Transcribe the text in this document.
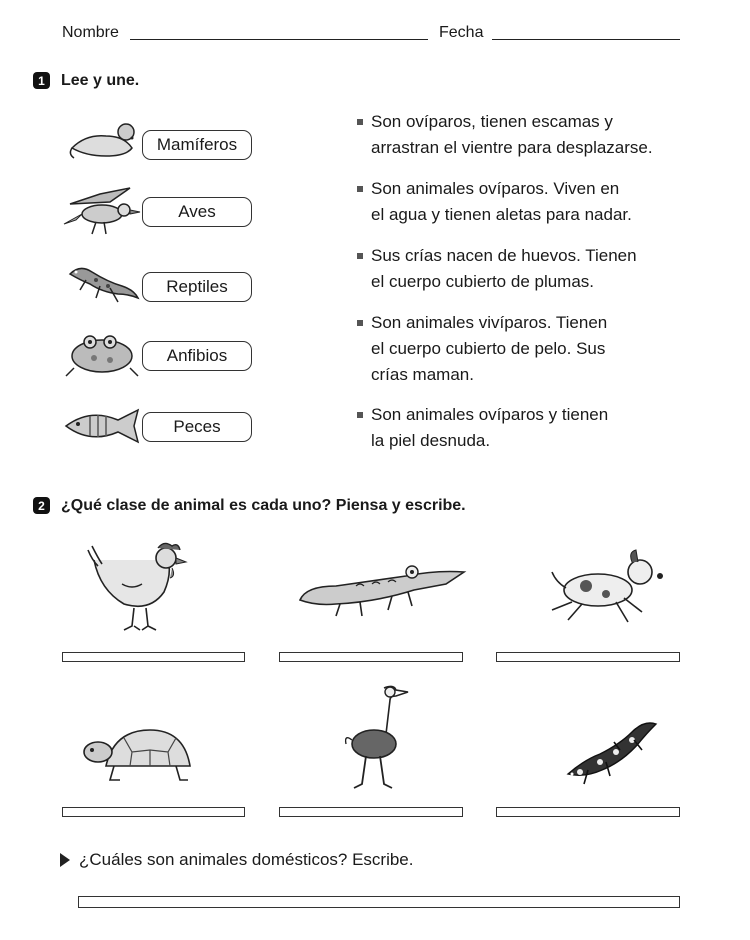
Nombre	Fecha
1	Lee y une.
Mamíferos
Aves
Reptiles
Anfibios
Peces
Son ovíparos, tienen escamas y
arrastran el vientre para desplazarse.
Son animales ovíparos. Viven en
el agua y tienen aletas para nadar.
Sus crías nacen de huevos. Tienen
el cuerpo cubierto de plumas.
Son animales vivíparos. Tienen
el cuerpo cubierto de pelo. Sus
crías maman.
Son animales ovíparos y tienen
la piel desnuda.
2	¿Qué clase de animal es cada uno? Piensa y escribe.
¿Cuáles son animales domésticos? Escribe.
